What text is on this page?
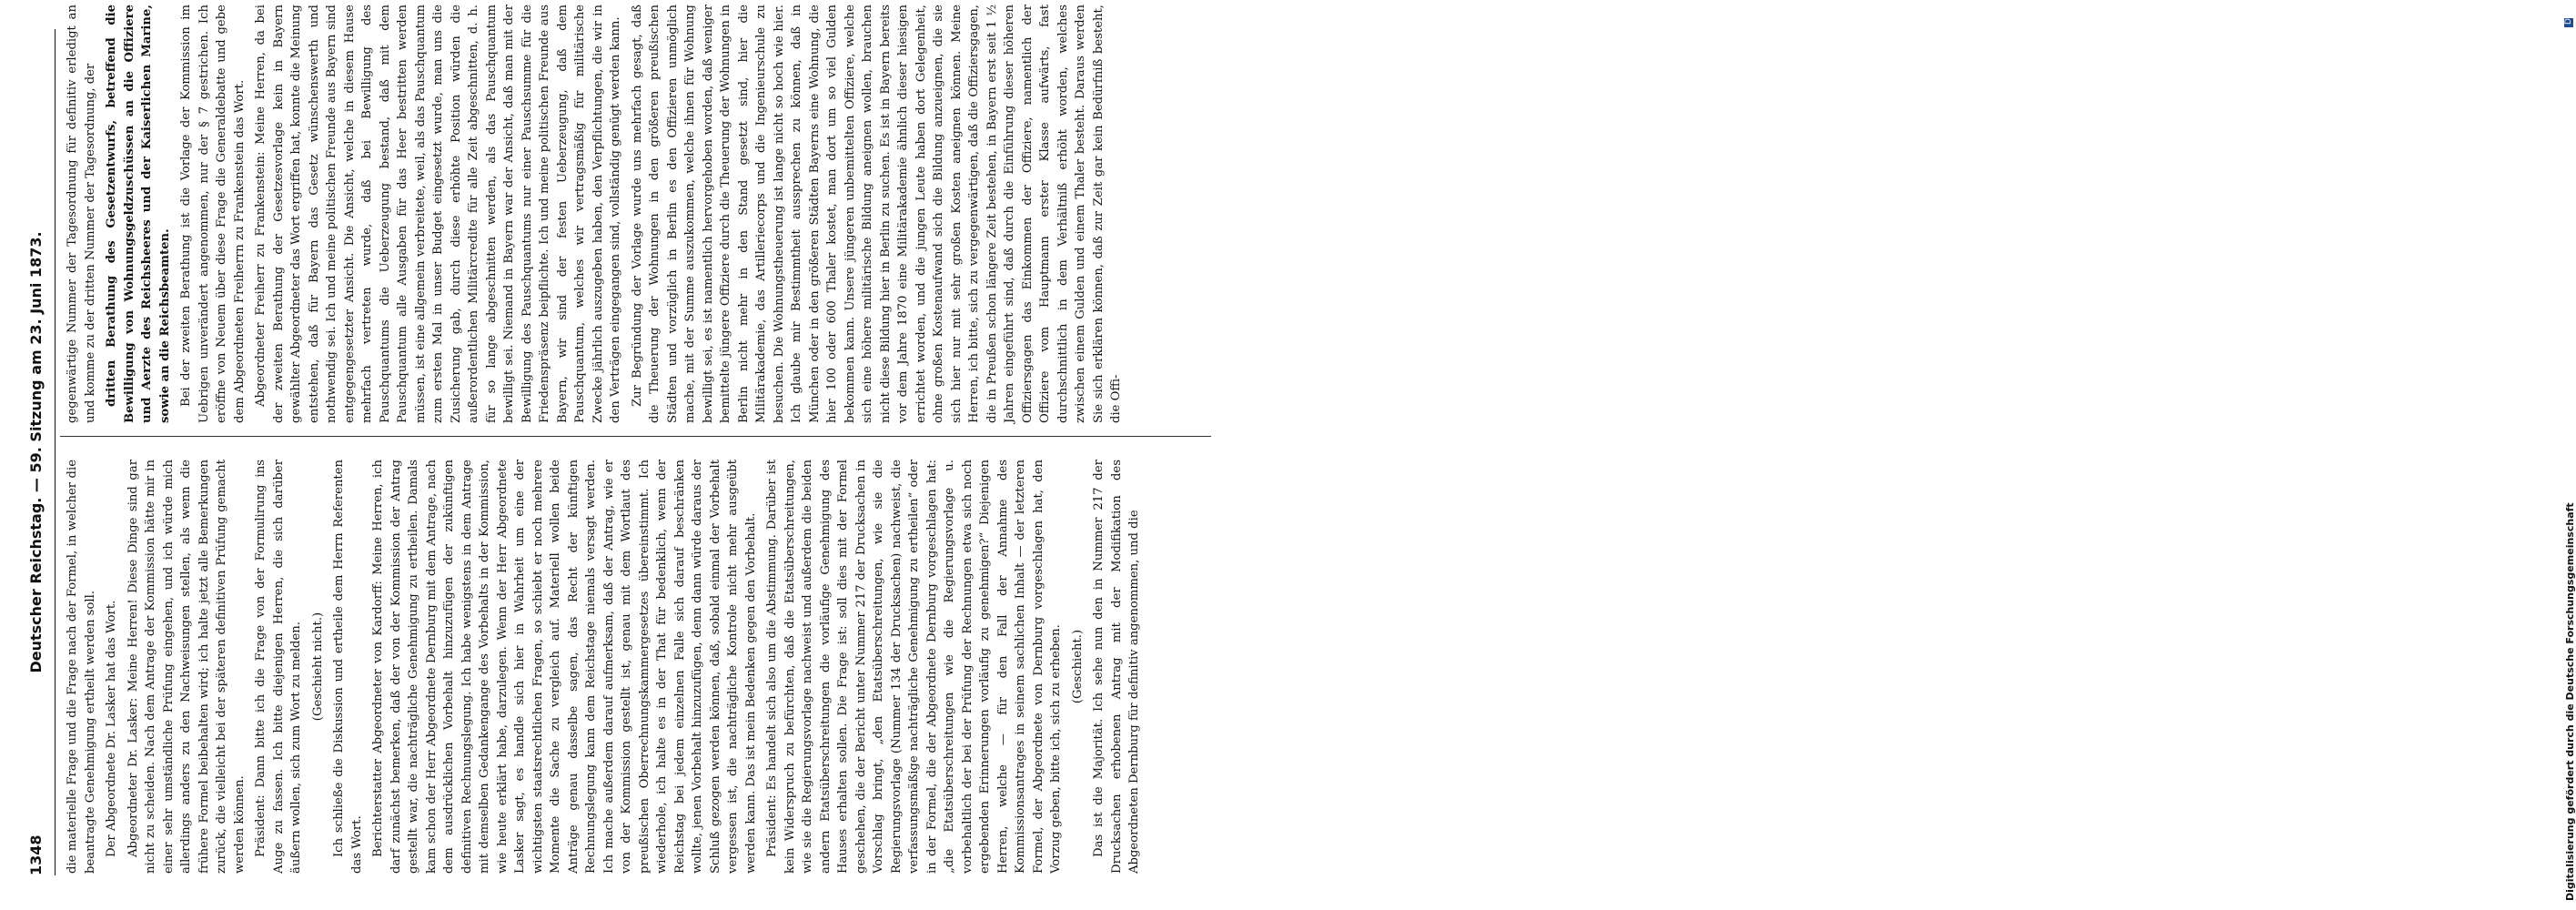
1348
Deutscher Reichstag. — 59. Sitzung am 23. Juni 1873. die materielle Frage und die Frage nach der Formel, in welcher die beantragte Genehmigung ertheilt werden soll. Der Abgeordnete Dr. Lasker hat das Wort. Abgeordneter Dr. Lasker: Meine Herren! Diese Dinge sind gar nicht zu scheiden. Nach dem Antrage der Kommission hätte mir in einer sehr umständliche Prüfung eingehen, und ich würde mich allerdings anders zu den Nachweisungen stellen, als wenn die frühere Formel beibehalten wird; ich halte jetzt alle Bemerkungen zurück, die vielleicht bei der späteren definitiven Prüfung gemacht werden können. Präsident: Dann bitte ich die Frage von der Formulirung ins Auge zu fassen. Ich bitte diejenigen Herren, die sich darüber äußern wollen, sich zum Wort zu melden. (Geschieht nicht.) Ich schließe die Diskussion und ertheile dem Herrn Referenten das Wort. Berichterstatter Abgeordneter von Kardorff: Meine Herren, ich darf zunächst bemerken, daß der von der Kommission der Antrag gestellt war, die nachträgliche Genehmigung zu ertheilen. Damals kam schon der Herr Abgeordnete Dernburg mit dem Antrage, nach dem ausdrücklichen Vorbehalt hinzuzufügen der zukünftigen definitiven Rechnungslegung. Ich habe wenigstens in dem Antrage mit demselben Gedankengange des Vorbehalts in der Kommission, wie heute erklärt habe, darzulegen. Wenn der Herr Abgeordnete Lasker sagt, es handle sich hier in Wahrheit um eine der wichtigsten staatsrechtlichen Fragen, so schiebt er noch mehrere Momente die Sache zu vergleich auf. Materiell wollen beide Anträge genau dasselbe sagen, das Recht der künftigen Rechnungslegung kann dem Reichstage niemals versagt werden. Ich mache außerdem darauf aufmerksam, daß der Antrag, wie er von der Kommission gestellt ist, genau mit dem Wortlaut des preußischen Oberrechnungskammergesetzes übereinstimmt. Ich wiederhole, ich halte es in der That für bedenklich, wenn der Reichstag bei jedem einzelnen Falle sich darauf beschränken wollte, jenen Vorbehalt hinzuzufügen, denn dann würde daraus der Schluß gezogen werden können, daß, sobald einmal der Vorbehalt vergessen ist, die nachträgliche Kontrole nicht mehr ausgeübt werden kann. Das ist mein Bedenken gegen den Vorbehalt. Präsident: Es handelt sich also um die Abstimmung. Darüber ist kein Widerspruch zu befürchten, daß die Etatsüberschreitungen, wie sie die Regierungsvorlage nachweist und außerdem die beiden andern Etatsüberschreitungen die vorläufige Genehmigung des Hauses erhalten sollen. Die Frage ist: soll dies mit der Formel geschehen, die der Bericht unter Nummer 217 der Drucksachen in Vorschlag bringt, „den Etatsüberschreitungen, wie sie die Regierungsvorlage (Nummer 134 der Drucksachen) nachweist, die verfassungsmäßige nachträgliche Genehmigung zu ertheilen“ oder in der Formel, die der Abgeordnete Dernburg vorgeschlagen hat: „die Etatsüberschreitungen wie die Regierungsvorlage u. vorbehaltlich der bei der Prüfung der Rechnungen etwa sich noch ergebenden Erinnerungen vorläufig zu genehmigen?“ Diejenigen Herren, welche — für den Fall der Annahme des Kommissionsantrages in seinem sachlichen Inhalt — der letzteren Formel, der Abgeordnete von Dernburg vorgeschlagen hat, den Vorzug geben, bitte ich, sich zu erheben. (Geschieht.) Das ist die Majorität. Ich sehe nun den in Nummer 217 der Drucksachen erhobenen Antrag mit der Modifikation des Abgeordneten Dernburg für definitiv angenommen, und die

gegenwärtige Nummer der Tagesordnung für definitiv erledigt an und komme zu der dritten Nummer der Tagesordnung, der dritten Berathung des Gesetzentwurfs, betreffend die Bewilligung von Wohnungsgeldzuschüssen an die Offiziere und Aerzte des Reichsheeres und der Kaiserlichen Marine, sowie an die Reichsbeamten. Bei der zweiten Berathung ist die Vorlage der Kommission im Uebrigen unverändert angenommen, nur der § 7 gestrichen. Ich eröffne von Neuem über diese Frage die Generaldebatte und gebe dem Abgeordneten Freiherrn zu Frankenstein das Wort. Abgeordneter Freiherr zu Frankenstein: Meine Herren, da bei der zweiten Berathung der Gesetzesvorlage kein in Bayern gewählter Abgeordneter das Wort ergriffen hat, konnte die Meinung entstehen, daß für Bayern das Gesetz wünschenswerth und nothwendig sei. Ich und meine politischen Freunde aus Bayern sind entgegengesetzter Ansicht. Die Ansicht, welche in diesem Hause mehrfach vertreten wurde, daß bei Bewilligung des Pauschquantums die Ueberzeugung bestand, daß mit dem Pauschquantum alle Ausgaben für das Heer bestritten werden müssen, ist eine allgemein verbreitete, weil, als das Pauschquantum zum ersten Mal in unser Budget eingesetzt wurde, man uns die Zusicherung gab, durch diese erhöhte Position würden die außerordentlichen Militärcredite für alle Zeit abgeschnitten, d. h. für so lange abgeschnitten werden, als das Pauschquantum bewilligt sei. Niemand in Bayern war der Ansicht, daß man mit der Bewilligung des Pauschquantums nur einer Pauschsumme für die Friedenspräsenz beipflichte. Ich und meine politischen Freunde aus Bayern, wir sind der festen Ueberzeugung, daß dem Pauschquantum, welches wir vertragsmäßig für militärische Zwecke jährlich auszugeben haben, den Verpflichtungen, die wir in den Verträgen eingegangen sind, vollständig genügt werden kann. Zur Begründung der Vorlage wurde uns mehrfach gesagt, daß die Theuerung der Wohnungen in den größeren preußischen Städten und vorzüglich in Berlin es den Offizieren unmöglich mache, mit der Summe auszukommen, welche ihnen für Wohnung bewilligt sei, es ist namentlich hervorgehoben worden, daß weniger bemittelte jüngere Offiziere durch die Theuerung der Wohnungen in Berlin nicht mehr in den Stand gesetzt sind, hier die Militärakademie, das Artilleriecorps und die Ingenieurschule zu besuchen. Die Wohnungstheuerung ist lange nicht so hoch wie hier. Ich glaube mir Bestimmtheit aussprechen zu können, daß in München oder in den größeren Städten Bayerns eine Wohnung, die hier 100 oder 600 Thaler kostet, man dort um so viel Gulden bekommen kann. Unsere jüngeren unbemittelten Offiziere, welche sich eine höhere militärische Bildung aneignen wollen, brauchen nicht diese Bildung hier in Berlin zu suchen. Es ist in Bayern bereits vor dem Jahre 1870 eine Militärakademie ähnlich dieser hiesigen errichtet worden, und die jungen Leute haben dort Gelegenheit, ohne großen Kostenaufwand sich die Bildung anzueignen, die sie sich hier nur mit sehr großen Kosten aneignen können. Meine Herren, ich bitte, sich zu vergegenwärtigen, daß die Offiziersgagen, die in Preußen schon längere Zeit bestehen, in Bayern erst seit 1 ½ Jahren eingeführt sind, daß durch die Einführung dieser höheren Offiziersgagen das Einkommen der Offiziere, namentlich der Offiziere vom Hauptmann erster Klasse aufwärts, fast durchschnittlich in dem Verhältniß erhöht worden, welches zwischen einem Gulden und einem Thaler besteht. Daraus werden Sie sich erklären können, daß zur Zeit gar kein Bedürfniß besteht, die Offi-

DFG
Digitalisierung gefördert durch die Deutsche Forschungsgemeinschaft
